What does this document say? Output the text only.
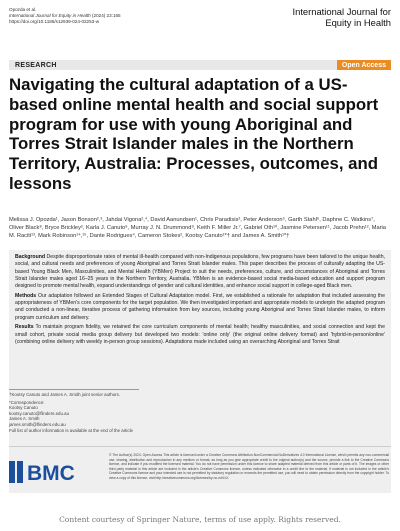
Opozda et al.
International Journal for Equity in Health (2024) 23:165
https://doi.org/10.1186/s12939-024-02253-w
International Journal for
Equity in Health
RESEARCH	Open Access
Navigating the cultural adaptation of a US-based online mental health and social support program for use with young Aboriginal and Torres Strait Islander males in the Northern Territory, Australia: Processes, outcomes, and lessons
Melissa J. Opozda¹, Jason Bonson²,³, Jahdai Vigona²,⁴, David Aanundsen¹, Chris Paradisis², Peter Anderson⁵, Garth Stahl⁶, Daphne C. Watkins⁷, Oliver Black⁸, Bryce Brickley², Karla J. Canuto⁹, Murray J. N. Drummond⁹, Keith F. Miller Jr.⁷, Gabriel Oth¹⁰, Jasmine Petersen¹¹, Jacob Prehn¹², Maria M. Raciti¹³, Mark Robinson¹⁴,¹⁵, Dante Rodrigues⁴, Cameron Stokes², Kootsy Canuto¹*† and James A. Smith¹*†

Background Despite disproportionate rates of mental ill-health compared with non-Indigenous populations, few programs have been tailored to the unique health, social, and cultural needs and preferences of young Aboriginal and Torres Strait Islander males. This paper describes the process of culturally adapting the US-based Young Black Men, Masculinities, and Mental Health (YBMen) Project to suit the needs, preferences, culture, and circumstances of Aboriginal and Torres Strait Islander males aged 16–25 years in the Northern Territory, Australia. YBMen is an evidence-based social media-based education and support program designed to promote mental health, expand understandings of gender and cultural identities, and enhance social support in college-aged Black men.

Methods Our adaptation followed an Extended Stages of Cultural Adaptation model. First, we established a rationale for adaptation that included assessing the appropriateness of YBMen's core components for the target population. We then investigated important and appropriate models to underpin the adapted program and conducted a non-linear, iterative process of gathering information from key sources, including young Aboriginal and Torres Strait Islander males, to inform program curriculum and delivery.

Results To maintain program fidelity, we retained the core curriculum components of mental health; healthy masculinities, and social connection and kept the small cohort, private social media group delivery but developed two models: 'online only' (the original online delivery format) and 'hybrid-in-person/online' (combining online delivery with weekly in-person group sessions). Adaptations made included using an overarching Aboriginal and Torres Strait

†Kootsy Canuto and James A. Smith joint senior authors.
*Correspondence:
Kootsy Canuto
kootsy.canuto@flinders.edu.au
James A. Smith
james.smith@flinders.edu.au
Full list of author information is available at the end of the article
BMC
© The Author(s) 2024. Open Access This article is licensed under a Creative Commons Attribution-NonCommercial-NoDerivatives 4.0 International License, which permits any non-commercial use, sharing, distribution and reproduction in any medium or format, as long as you give appropriate credit to the original author(s) and the source, provide a link to the Creative Commons licence, and indicate if you modified the licensed material. You do not have permission under this licence to share adapted material derived from this article or parts of it. The images or other third party material in this article are included in the article's Creative Commons licence, unless indicated otherwise in a credit line to the material. If material is not included in the article's Creative Commons licence and your intended use is not permitted by statutory regulation or exceeds the permitted use, you will need to obtain permission directly from the copyright holder. To view a copy of this licence, visit http://creativecommons.org/licenses/by-nc-nd/4.0/.
Content courtesy of Springer Nature, terms of use apply. Rights reserved.
